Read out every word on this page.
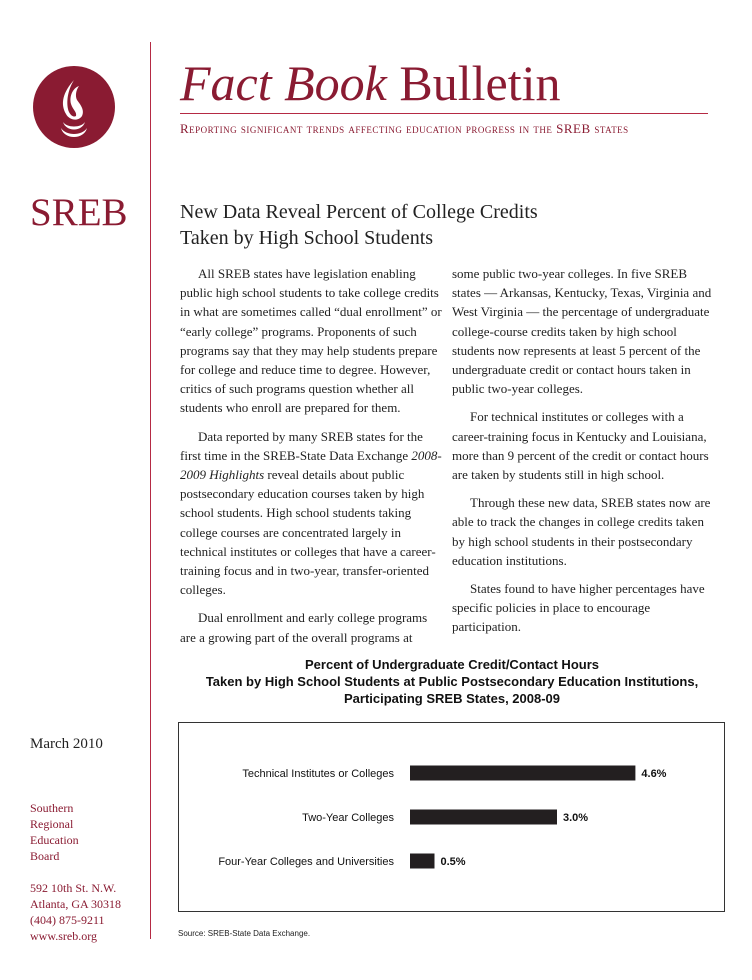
SREB
Fact Book Bulletin
Reporting significant trends affecting education progress in the SREB states
New Data Reveal Percent of College Credits
Taken by High School Students

All SREB states have legislation enabling public high school students to take college credits in what are sometimes called “dual enrollment” or “early college” programs. Proponents of such programs say that they may help students prepare for college and reduce time to degree. However, critics of such programs question whether all students who enroll are prepared for them.

Data reported by many SREB states for the first time in the SREB-State Data Exchange 2008-2009 Highlights reveal details about public postsecondary education courses taken by high school students. High school students taking college courses are concentrated largely in technical institutes or colleges that have a career-training focus and in two-year, transfer-oriented colleges.

Dual enrollment and early college programs are a growing part of the overall programs at

some public two-year colleges. In five SREB states — Arkansas, Kentucky, Texas, Virginia and West Virginia — the percentage of undergraduate college-course credits taken by high school students now represents at least 5 percent of the undergraduate credit or contact hours taken in public two-year colleges.

For technical institutes or colleges with a career-training focus in Kentucky and Louisiana, more than 9 percent of the credit or contact hours are taken by students still in high school.

Through these new data, SREB states now are able to track the changes in college credits taken by high school students in their postsecondary education institutions.

States found to have higher percentages have specific policies in place to encourage participation.

March 2010
Southern
Regional
Education
Board
592 10th St. N.W.
Atlanta, GA 30318
(404) 875-9211
www.sreb.org
Percent of Undergraduate Credit/Contact Hours
Taken by High School Students at Public Postsecondary Education Institutions,
Participating SREB States, 2008-09
Technical Institutes or Colleges	4.6%
Two-Year Colleges	3.0%
Four-Year Colleges and Universities	0.5%
Source: SREB-State Data Exchange.
